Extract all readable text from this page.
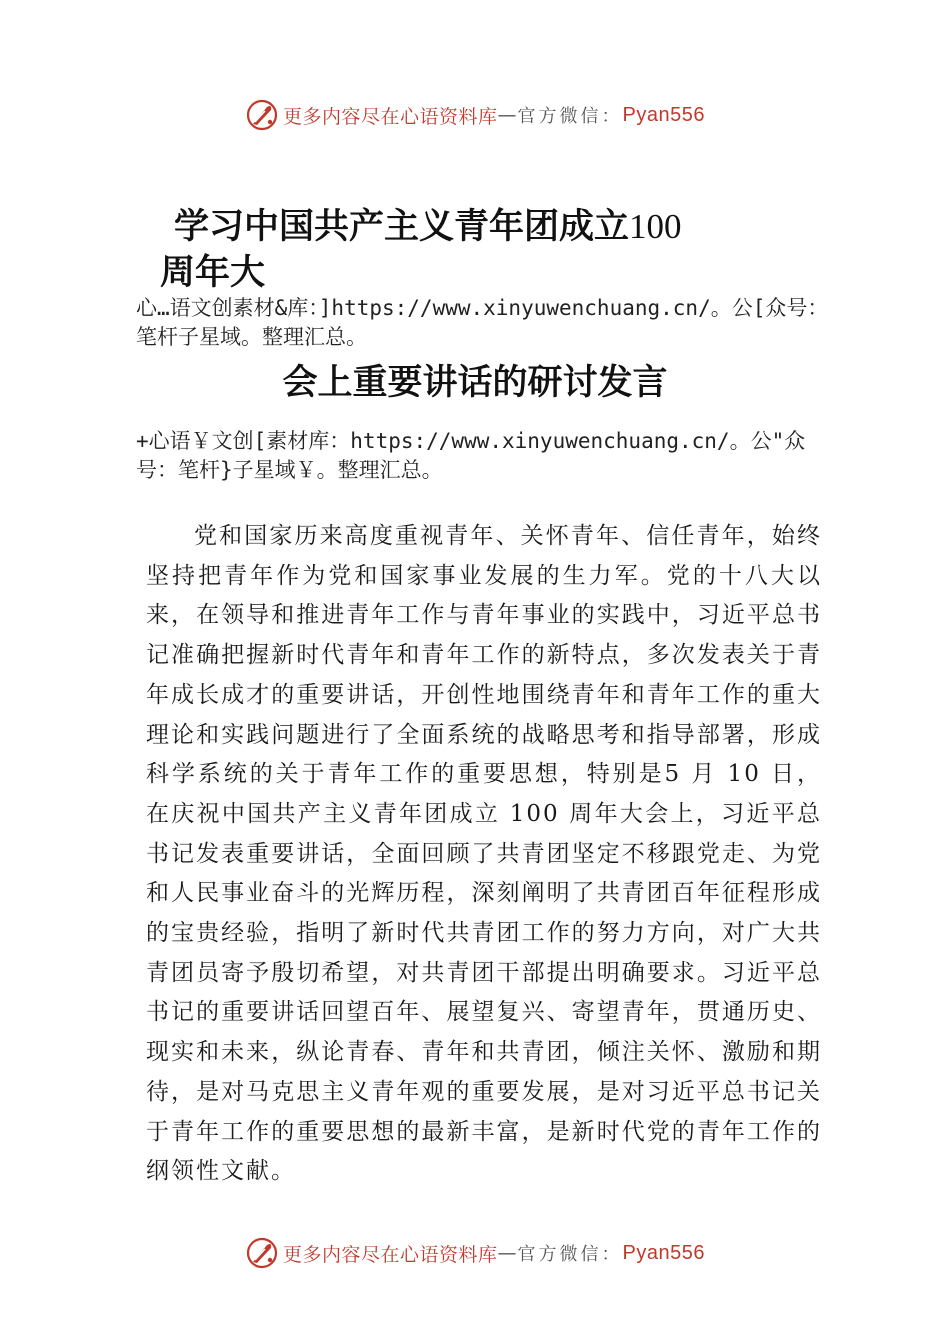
更多内容尽在心语资料库 — 官方微信： Pyan556
学习中国共产主义青年团成立100
周年大

心…语文创素材&库：]https://www.xinyuwenchuang.cn/。公[众号：笔杆子星域。整理汇总。

会上重要讲话的研讨发言

+心语￥文创[素材库：https://www.xinyuwenchuang.cn/。公"众号：笔杆}子星域￥。整理汇总。

党和国家历来高度重视青年、关怀青年、信任青年，始终坚持把青年作为党和国家事业发展的生力军。党的十八大以来，在领导和推进青年工作与青年事业的实践中，习近平总书记准确把握新时代青年和青年工作的新特点，多次发表关于青年成长成才的重要讲话，开创性地围绕青年和青年工作的重大理论和实践问题进行了全面系统的战略思考和指导部署，形成科学系统的关于青年工作的重要思想，特别是5 月 10 日，在庆祝中国共产主义青年团成立 100 周年大会上，习近平总书记发表重要讲话，全面回顾了共青团坚定不移跟党走、为党和人民事业奋斗的光辉历程，深刻阐明了共青团百年征程形成的宝贵经验，指明了新时代共青团工作的努力方向，对广大共青团员寄予殷切希望，对共青团干部提出明确要求。习近平总书记的重要讲话回望百年、展望复兴、寄望青年，贯通历史、现实和未来，纵论青春、青年和共青团，倾注关怀、激励和期待，是对马克思主义青年观的重要发展，是对习近平总书记关于青年工作的重要思想的最新丰富，是新时代党的青年工作的纲领性文献。

更多内容尽在心语资料库 — 官方微信： Pyan556
